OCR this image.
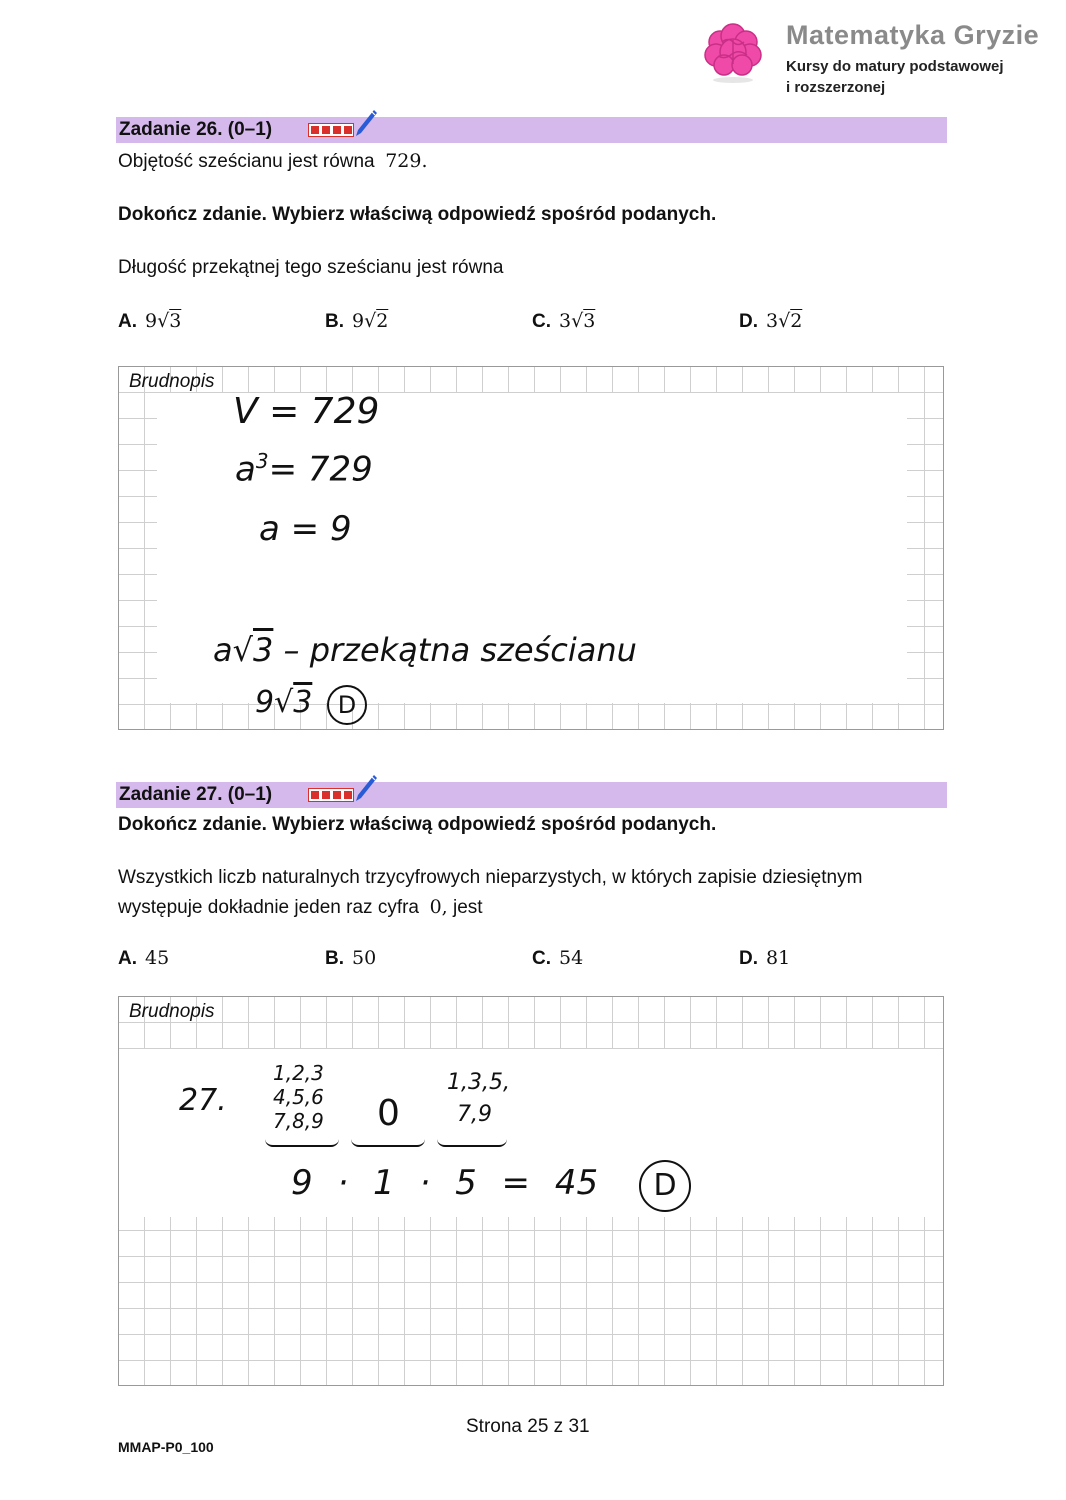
Matematyka Gryzie
Kursy do matury podstawowej
i rozszerzonej
Zadanie 26. (0–1)
Objętość sześcianu jest równa 729.
Dokończ zdanie. Wybierz właściwą odpowiedź spośród podanych.
Długość przekątnej tego sześcianu jest równa
A. 9√3	B. 9√2	C. 3√3	D. 3√2
Brudnopis
V = 729
$a^3= 729$
a = 9
a√3 – przekątna sześcianu
9√3	D
Zadanie 27. (0–1)
Dokończ zdanie. Wybierz właściwą odpowiedź spośród podanych.
Wszystkich liczb naturalnych trzycyfrowych nieparzystych, w których zapisie dziesiętnym
występuje dokładnie jeden raz cyfra 0, jest
A. 45	B. 50	C. 54	D. 81
Brudnopis
27.
1,2,3
4,5,6
7,8,9 0
1,3,5,
7,9
9 · 1 · 5 = 45	D
Strona 25 z 31
MMAP-P0_100
